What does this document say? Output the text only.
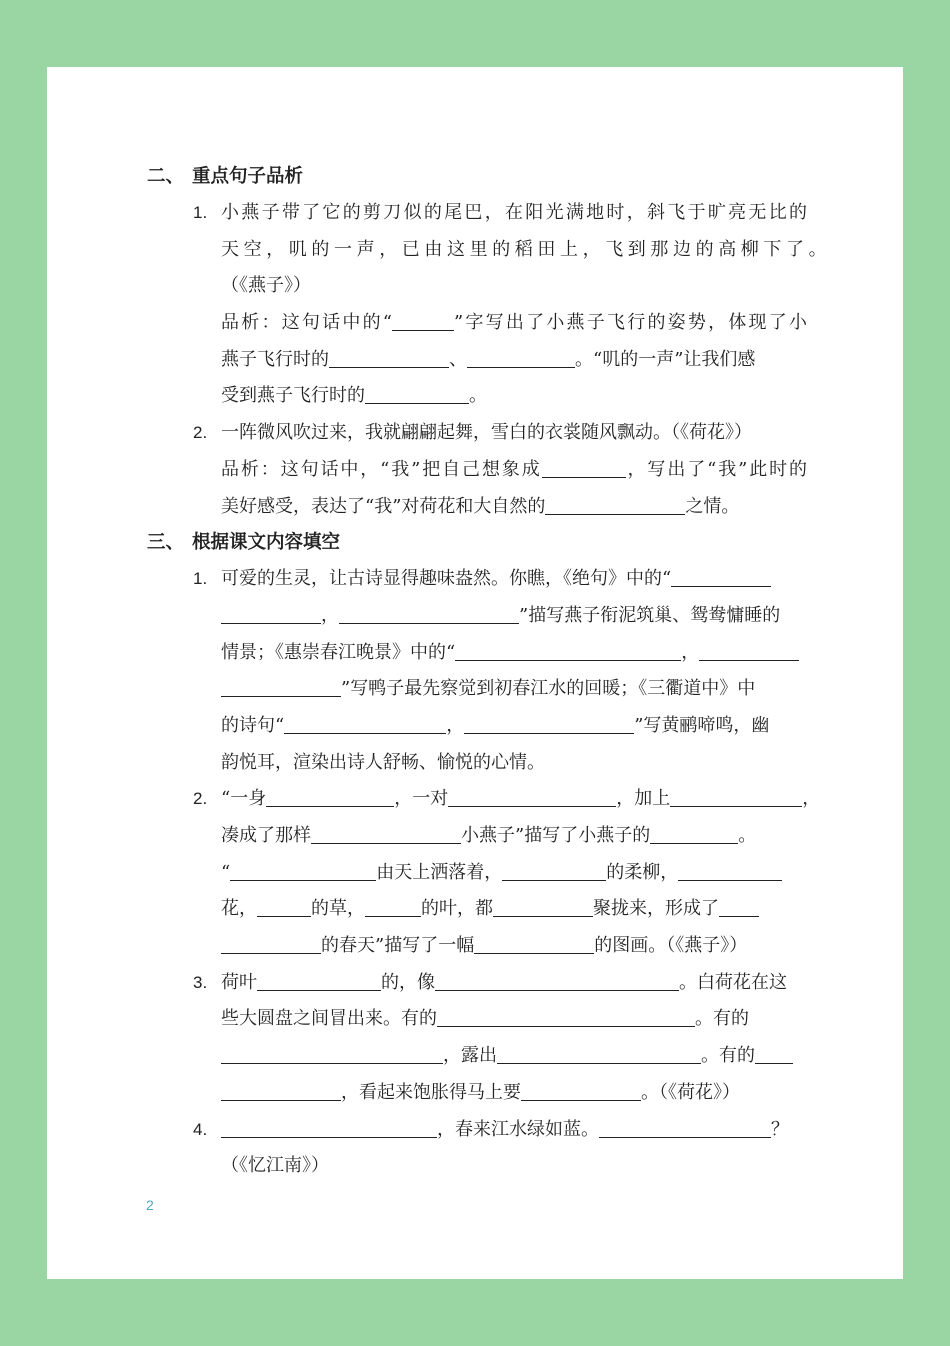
二、 重点句子品析
1. 小燕子带了它的剪刀似的尾巴，在阳光满地时，斜飞于旷亮无比的
天空，叽的一声，已由这里的稻田上，飞到那边的高柳下了。
（《燕子》）
品析：这句话中的“	”字写出了小燕子飞行的姿势，体现了小
燕子飞行时的	、	。“叽的一声”让我们感
受到燕子飞行时的	。
2. 一阵微风吹过来，我就翩翩起舞，雪白的衣裳随风飘动。（《荷花》）
品析：这句话中，“我”把自己想象成	，写出了“我”此时的
美好感受，表达了“我”对荷花和大自然的	之情。
三、 根据课文内容填空
1. 可爱的生灵，让古诗显得趣味盎然。你瞧，《绝句》中的“
，	”描写燕子衔泥筑巢、鸳鸯慵睡的
情景；《惠崇春江晚景》中的“	，
”写鸭子最先察觉到初春江水的回暖；《三衢道中》中
的诗句“	，	”写黄鹂啼鸣，幽
韵悦耳，渲染出诗人舒畅、愉悦的心情。
2. “一身	，一对	，加上	，
凑成了那样	小燕子”描写了小燕子的	。
“	由天上洒落着，	的柔柳，
花，	的草，	的叶，都	聚拢来，形成了
的春天”描写了一幅	的图画。（《燕子》）
3. 荷叶	的，像	。白荷花在这
些大圆盘之间冒出来。有的	。有的
，露出	。有的
，看起来饱胀得马上要	。（《荷花》）
4.	，春来江水绿如蓝。	？
（《忆江南》）
2
